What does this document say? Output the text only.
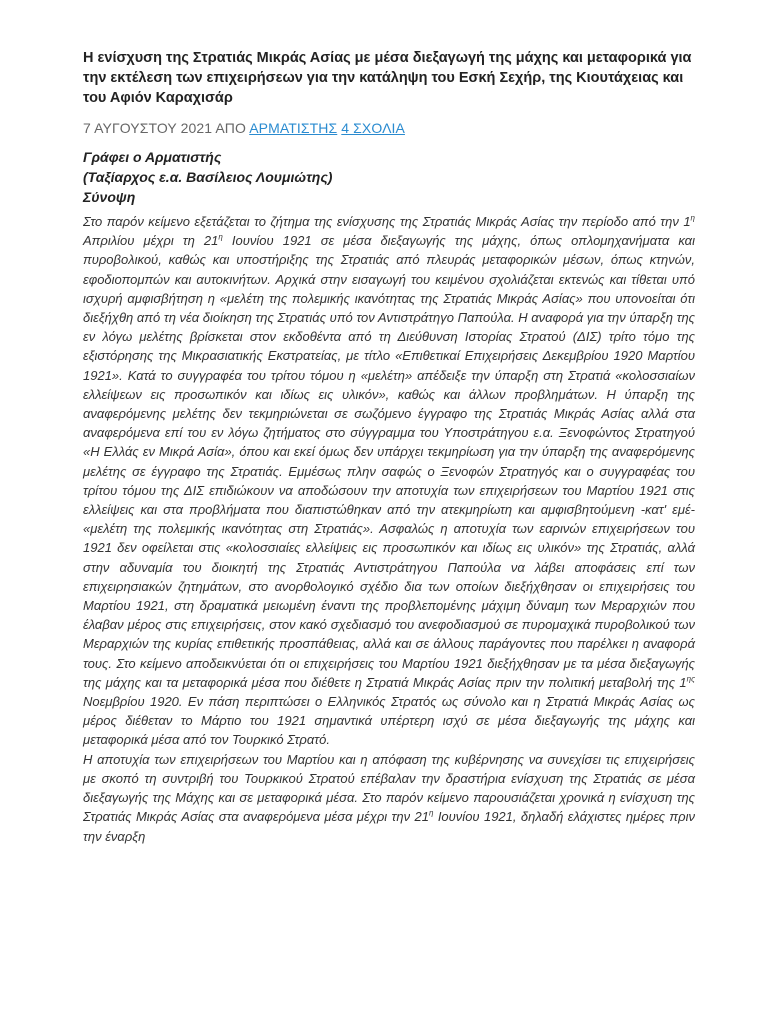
Η ενίσχυση της Στρατιάς Μικράς Ασίας με μέσα διεξαγωγή της μάχης και μεταφορικά για την εκτέλεση των επιχειρήσεων για την κατάληψη του Εσκή Σεχήρ, της Κιουτάχειας και του Αφιόν Καραχισάρ
7 ΑΥΓΟΥΣΤΟΥ 2021 ΑΠΟ ΑΡΜΑΤΙΣΤΗΣ 4 ΣΧΟΛΙΑ
Γράφει ο Αρματιστής
(Ταξίαρχος ε.α. Βασίλειος Λουμιώτης)
Σύνοψη

Στο παρόν κείμενο εξετάζεται το ζήτημα της ενίσχυσης της Στρατιάς Μικράς Ασίας την περίοδο από την $1^\eta$ Απριλίου μέχρι τη $21^\eta$ Ιουνίου 1921 σε μέσα διεξαγωγής της μάχης, όπως οπλομηχανήματα και πυροβολικού, καθώς και υποστήριξης της Στρατιάς από πλευράς μεταφορικών μέσων, όπως κτηνών, εφοδιοπομπών και αυτοκινήτων. Αρχικά στην εισαγωγή του κειμένου σχολιάζεται εκτενώς και τίθεται υπό ισχυρή αμφισβήτηση η «μελέτη της πολεμικής ικανότητας της Στρατιάς Μικράς Ασίας» που υπονοείται ότι διεξήχθη από τη νέα διοίκηση της Στρατιάς υπό τον Αντιστράτηγο Παπούλα. Η αναφορά για την ύπαρξη της εν λόγω μελέτης βρίσκεται στον εκδοθέντα από τη Διεύθυνση Ιστορίας Στρατού (ΔΙΣ) τρίτο τόμο της εξιστόρησης της Μικρασιατικής Εκστρατείας, με τίτλο «Επιθετικαί Επιχειρήσεις Δεκεμβρίου 1920 Μαρτίου 1921». Κατά το συγγραφέα του τρίτου τόμου η «μελέτη» απέδειξε την ύπαρξη στη Στρατιά «κολοσσιαίων ελλείψεων εις προσωπικόν και ιδίως εις υλικόν», καθώς και άλλων προβλημάτων. Η ύπαρξη της αναφερόμενης μελέτης δεν τεκμηριώνεται σε σωζόμενο έγγραφο της Στρατιάς Μικράς Ασίας αλλά στα αναφερόμενα επί του εν λόγω ζητήματος στο σύγγραμμα του Υποστράτηγου ε.α. Ξενοφώντος Στρατηγού «Η Ελλάς εν Μικρά Ασία», όπου και εκεί όμως δεν υπάρχει τεκμηρίωση για την ύπαρξη της αναφερόμενης μελέτης σε έγγραφο της Στρατιάς. Εμμέσως πλην σαφώς ο Ξενοφών Στρατηγός και ο συγγραφέας του τρίτου τόμου της ΔΙΣ επιδιώκουν να αποδώσουν την αποτυχία των επιχειρήσεων του Μαρτίου 1921 στις ελλείψεις και στα προβλήματα που διαπιστώθηκαν από την ατεκμηρίωτη και αμφισβητούμενη -κατ' εμέ- «μελέτη της πολεμικής ικανότητας στη Στρατιάς». Ασφαλώς η αποτυχία των εαρινών επιχειρήσεων του 1921 δεν οφείλεται στις «κολοσσιαίες ελλείψεις εις προσωπικόν και ιδίως εις υλικόν» της Στρατιάς, αλλά στην αδυναμία του διοικητή της Στρατιάς Αντιστράτηγου Παπούλα να λάβει αποφάσεις επί των επιχειρησιακών ζητημάτων, στο ανορθολογικό σχέδιο δια των οποίων διεξήχθησαν οι επιχειρήσεις του Μαρτίου 1921, στη δραματικά μειωμένη έναντι της προβλεπομένης μάχιμη δύναμη των Μεραρχιών που έλαβαν μέρος στις επιχειρήσεις, στον κακό σχεδιασμό του ανεφοδιασμού σε πυρομαχικά πυροβολικού των Μεραρχιών της κυρίας επιθετικής προσπάθειας, αλλά και σε άλλους παράγοντες που παρέλκει η αναφορά τους. Στο κείμενο αποδεικνύεται ότι οι επιχειρήσεις του Μαρτίου 1921 διεξήχθησαν με τα μέσα διεξαγωγής της μάχης και τα μεταφορικά μέσα που διέθετε η Στρατιά Μικράς Ασίας πριν την πολιτική μεταβολή της $1^{\eta\varsigma}$ Νοεμβρίου 1920. Εν πάση περιπτώσει ο Ελληνικός Στρατός ως σύνολο και η Στρατιά Μικράς Ασίας ως μέρος διέθεταν το Μάρτιο του 1921 σημαντικά υπέρτερη ισχύ σε μέσα διεξαγωγής της μάχης και μεταφορικά μέσα από τον Τουρκικό Στρατό.

Η αποτυχία των επιχειρήσεων του Μαρτίου και η απόφαση της κυβέρνησης να συνεχίσει τις επιχειρήσεις με σκοπό τη συντριβή του Τουρκικού Στρατού επέβαλαν την δραστήρια ενίσχυση της Στρατιάς σε μέσα διεξαγωγής της Μάχης και σε μεταφορικά μέσα. Στο παρόν κείμενο παρουσιάζεται χρονικά η ενίσχυση της Στρατιάς Μικράς Ασίας στα αναφερόμενα μέσα μέχρι την $21^\eta$ Ιουνίου 1921, δηλαδή ελάχιστες ημέρες πριν την έναρξη
